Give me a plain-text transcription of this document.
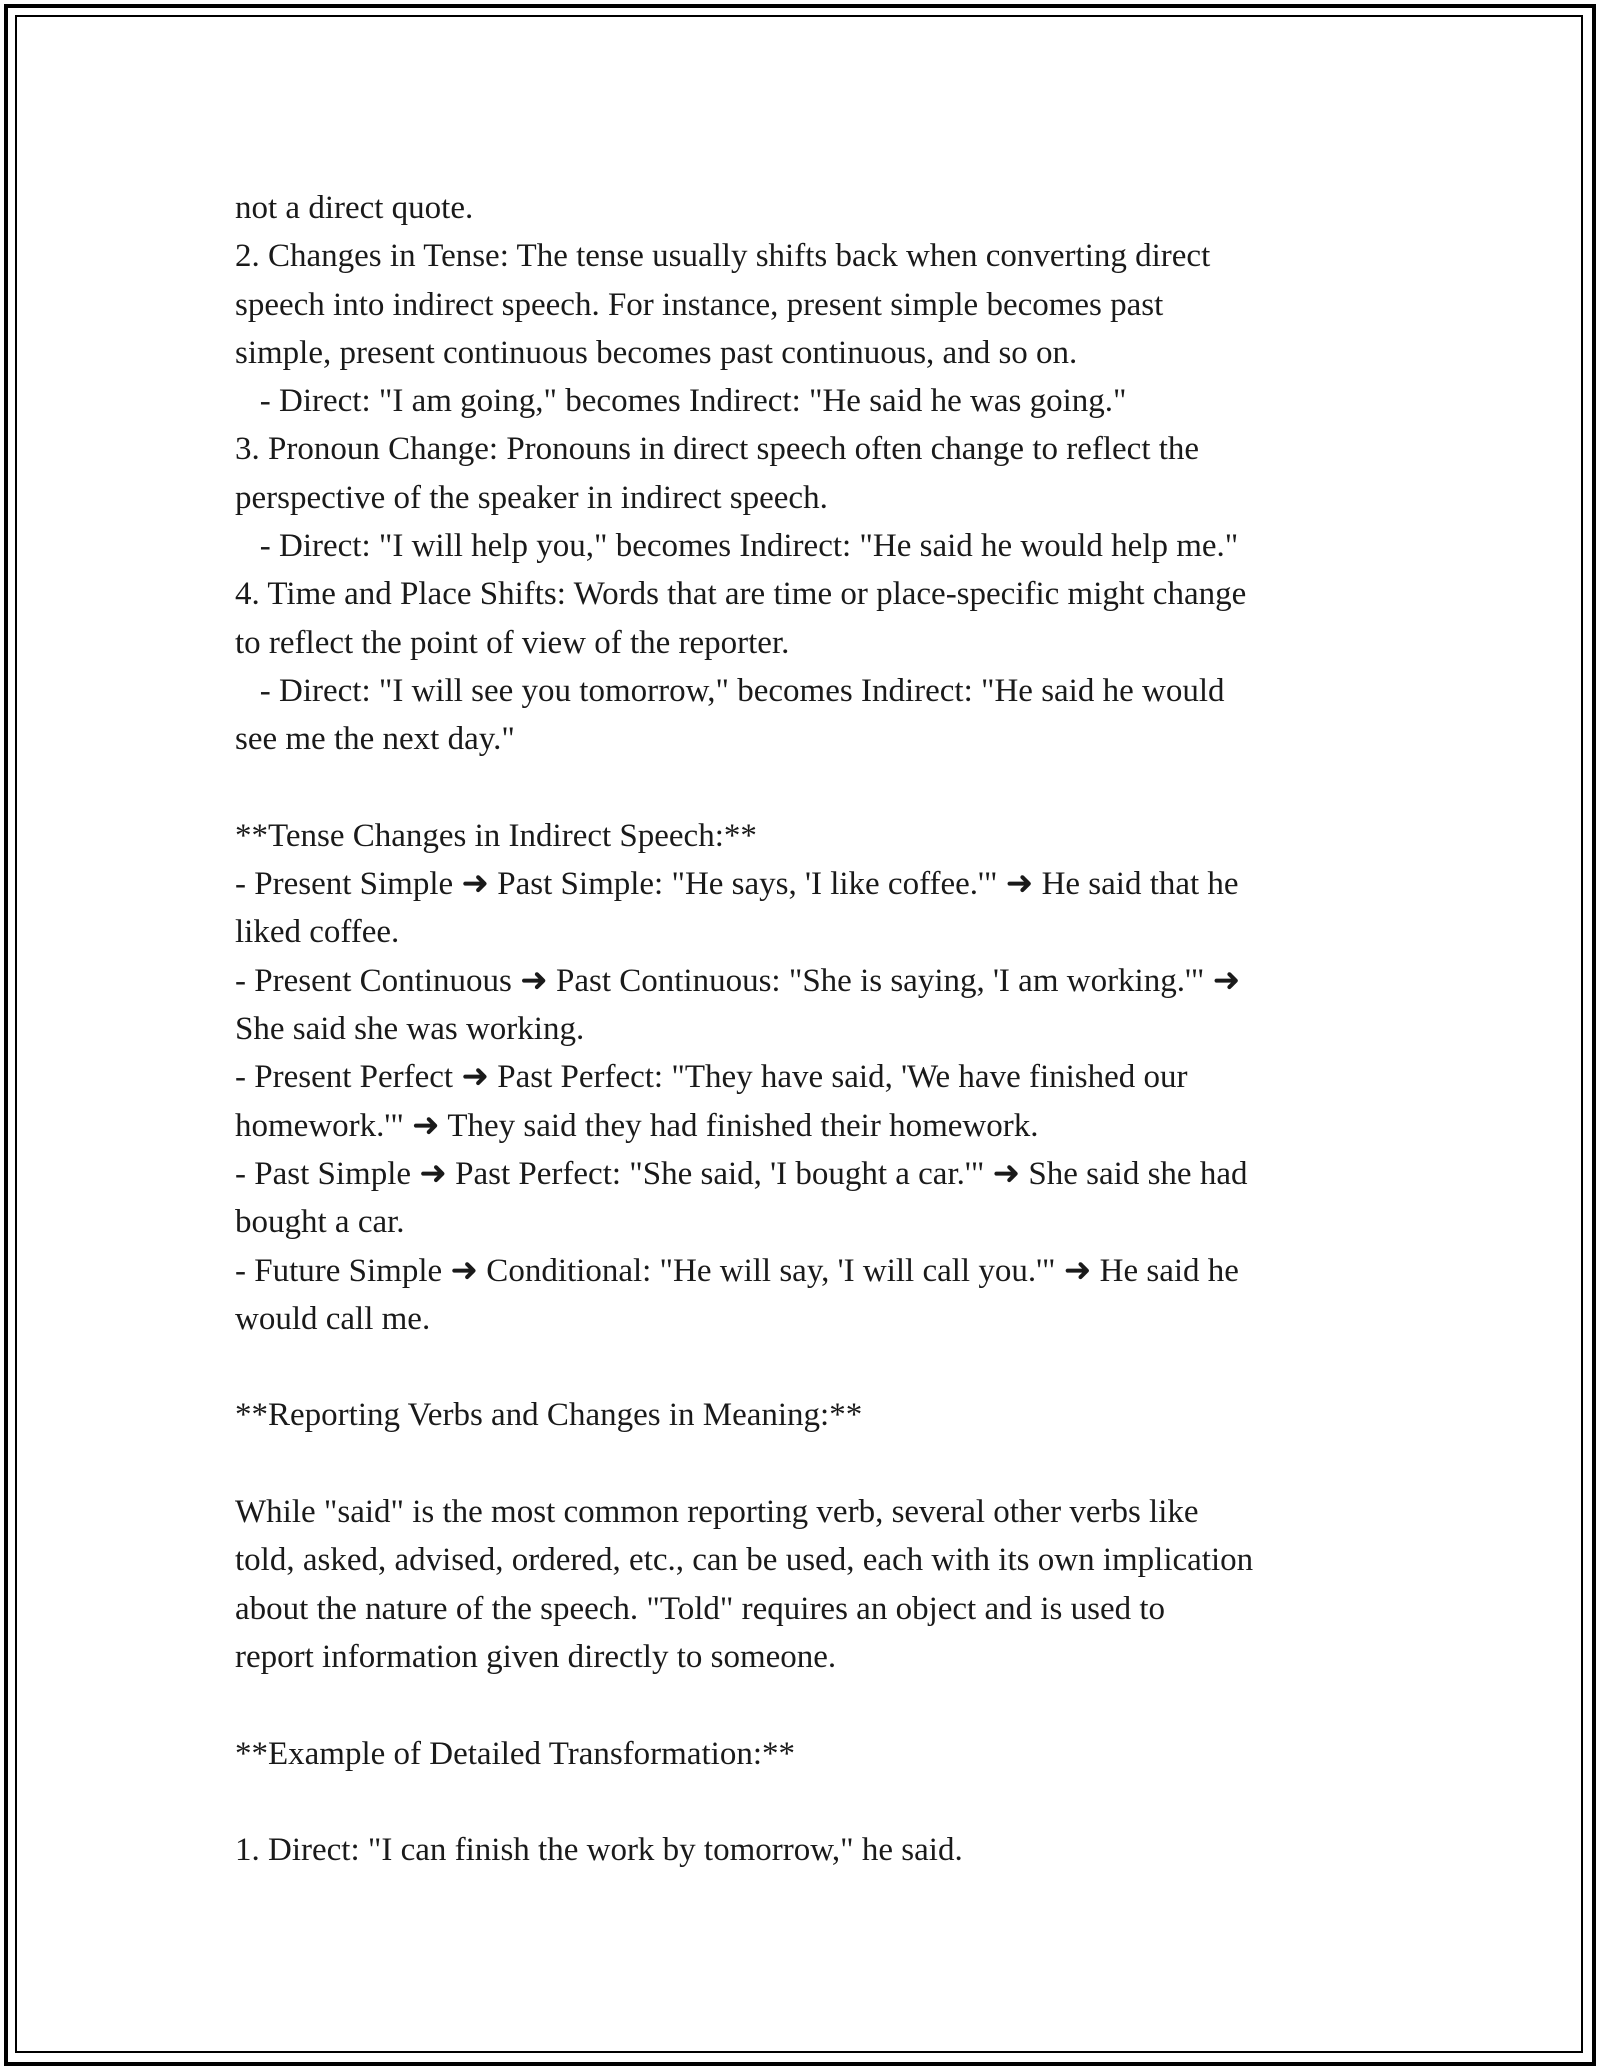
not a direct quote.
2. Changes in Tense: The tense usually shifts back when converting direct
speech into indirect speech. For instance, present simple becomes past
simple, present continuous becomes past continuous, and so on.
- Direct: "I am going," becomes Indirect: "He said he was going."
3. Pronoun Change: Pronouns in direct speech often change to reflect the
perspective of the speaker in indirect speech.
- Direct: "I will help you," becomes Indirect: "He said he would help me."
4. Time and Place Shifts: Words that are time or place-specific might change
to reflect the point of view of the reporter.
- Direct: "I will see you tomorrow," becomes Indirect: "He said he would
see me the next day."
**Tense Changes in Indirect Speech:**
- Present Simple ➜ Past Simple: "He says, 'I like coffee.'" ➜ He said that he
liked coffee.
- Present Continuous ➜ Past Continuous: "She is saying, 'I am working.'" ➜
She said she was working.
- Present Perfect ➜ Past Perfect: "They have said, 'We have finished our
homework.'" ➜ They said they had finished their homework.
- Past Simple ➜ Past Perfect: "She said, 'I bought a car.'" ➜ She said she had
bought a car.
- Future Simple ➜ Conditional: "He will say, 'I will call you.'" ➜ He said he
would call me.
**Reporting Verbs and Changes in Meaning:**
While "said" is the most common reporting verb, several other verbs like
told, asked, advised, ordered, etc., can be used, each with its own implication
about the nature of the speech. "Told" requires an object and is used to
report information given directly to someone.
**Example of Detailed Transformation:**
1. Direct: "I can finish the work by tomorrow," he said.
